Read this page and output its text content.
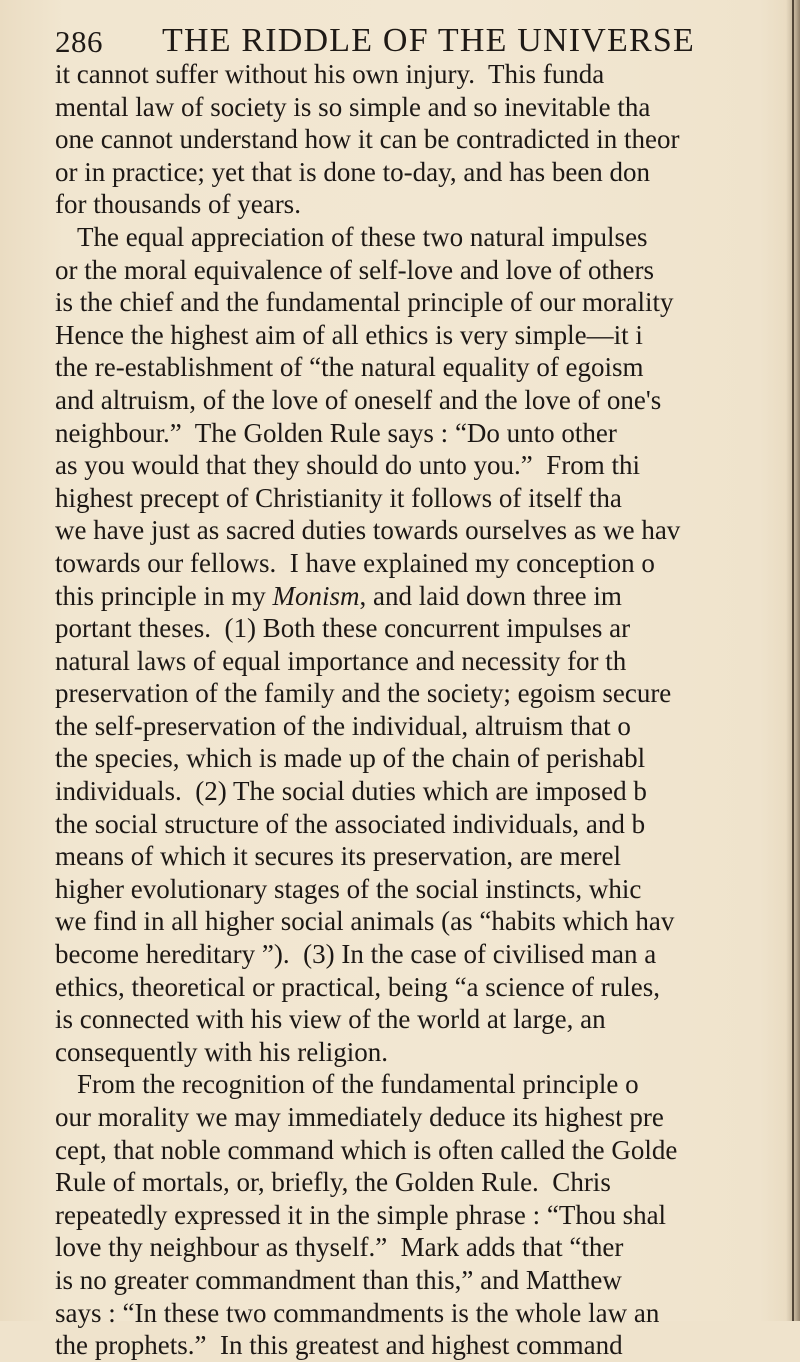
286 THE RIDDLE OF THE UNIVERSE
it cannot suffer without his own injury.  This funda
mental law of society is so simple and so inevitable tha
one cannot understand how it can be contradicted in theor
or in practice; yet that is done to-day, and has been don
for thousands of years.
The equal appreciation of these two natural impulses
or the moral equivalence of self-love and love of others
is the chief and the fundamental principle of our morality
Hence the highest aim of all ethics is very simple—it i
the re-establishment of “the natural equality of egoism
and altruism, of the love of oneself and the love of one's
neighbour.”  The Golden Rule says : “Do unto other
as you would that they should do unto you.”  From thi
highest precept of Christianity it follows of itself tha
we have just as sacred duties towards ourselves as we hav
towards our fellows.  I have explained my conception o
this principle in my Monism, and laid down three im
portant theses.  (1) Both these concurrent impulses ar
natural laws of equal importance and necessity for th
preservation of the family and the society; egoism secure
the self-preservation of the individual, altruism that o
the species, which is made up of the chain of perishabl
individuals.  (2) The social duties which are imposed b
the social structure of the associated individuals, and b
means of which it secures its preservation, are merel
higher evolutionary stages of the social instincts, whic
we find in all higher social animals (as “habits which hav
become hereditary ”).  (3) In the case of civilised man a
ethics, theoretical or practical, being “a science of rules,
is connected with his view of the world at large, an
consequently with his religion.
From the recognition of the fundamental principle o
our morality we may immediately deduce its highest pre
cept, that noble command which is often called the Golde
Rule of mortals, or, briefly, the Golden Rule.  Chris
repeatedly expressed it in the simple phrase : “Thou shal
love thy neighbour as thyself.”  Mark adds that “ther
is no greater commandment than this,” and Matthew
says : “In these two commandments is the whole law an
the prophets.”  In this greatest and highest command
